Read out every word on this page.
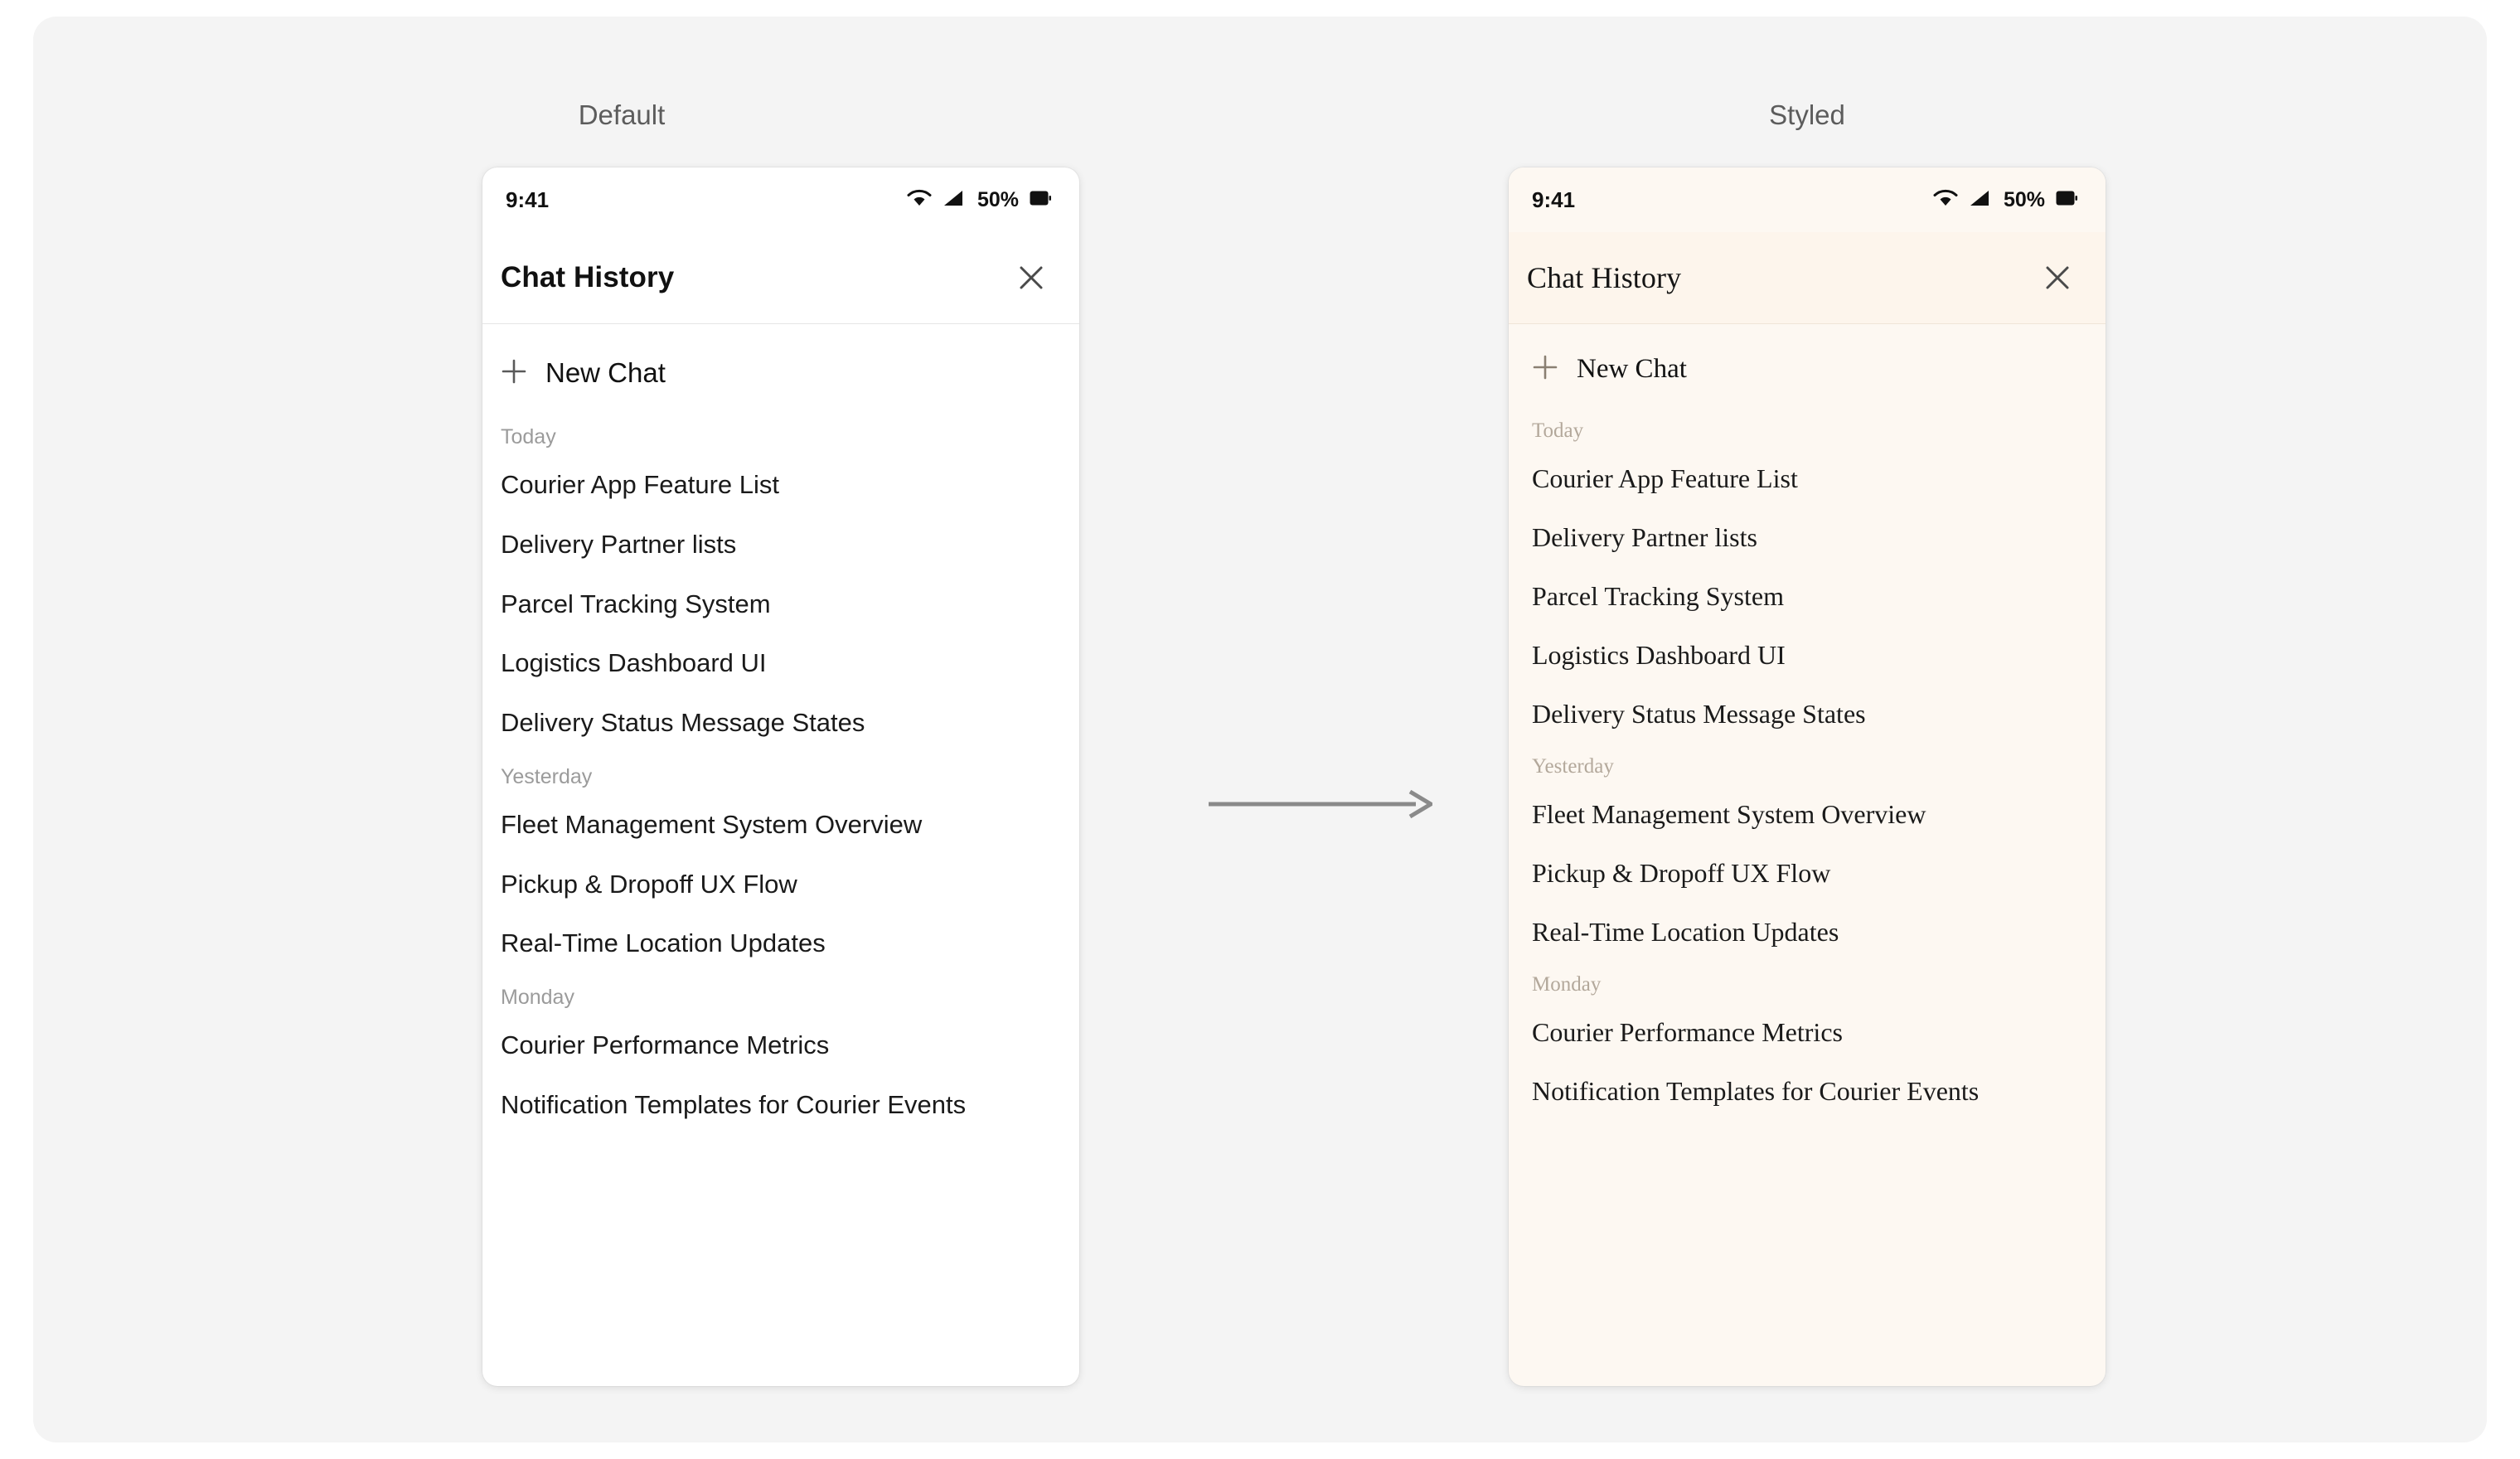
Default	Styled
9:41	50%
Chat History
New Chat
Today
Courier App Feature List
Delivery Partner lists
Parcel Tracking System
Logistics Dashboard UI
Delivery Status Message States
Yesterday
Fleet Management System Overview
Pickup & Dropoff UX Flow
Real-Time Location Updates
Monday
Courier Performance Metrics
Notification Templates for Courier Events
9:41	50%
Chat History
New Chat
Today
Courier App Feature List
Delivery Partner lists
Parcel Tracking System
Logistics Dashboard UI
Delivery Status Message States
Yesterday
Fleet Management System Overview
Pickup & Dropoff UX Flow
Real-Time Location Updates
Monday
Courier Performance Metrics
Notification Templates for Courier Events
